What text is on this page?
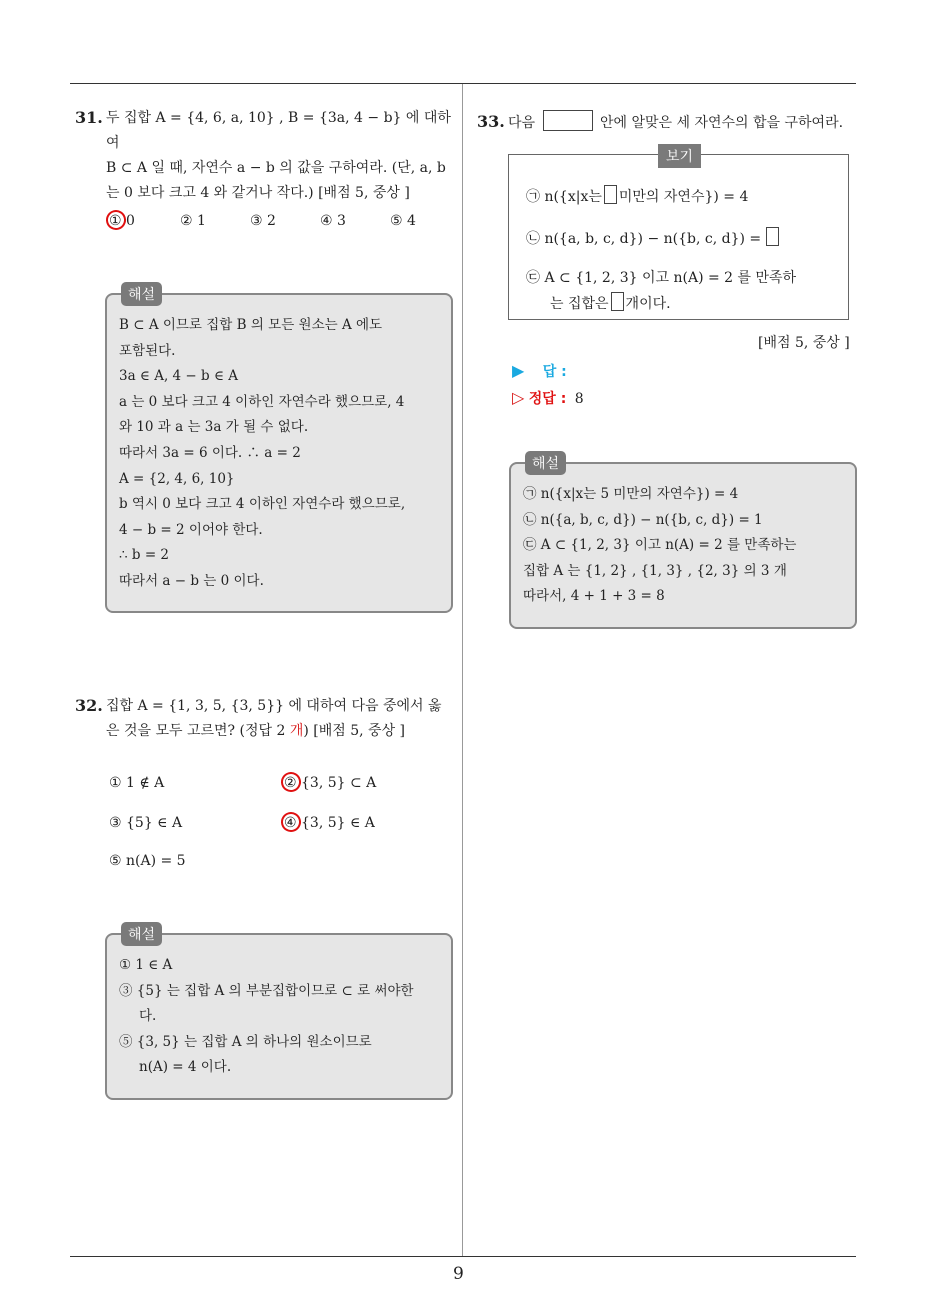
9
31. 두 집합 A = {4, 6, a, 10} , B = {3a, 4 − b} 에 대하여
B ⊂ A 일 때, 자연수 a − b 의 값을 구하여라. (단, a, b
는 0 보다 크고 4 와 같거나 작다.) [배점 5, 중상 ]
① 0	② 1	③ 2	④ 3	⑤ 4
해설
B ⊂ A 이므로 집합 B 의 모든 원소는 A 에도
포함된다.
3a ∈ A, 4 − b ∈ A
a 는 0 보다 크고 4 이하인 자연수라 했으므로, 4
와 10 과 a 는 3a 가 될 수 없다.
따라서 3a = 6 이다. ∴ a = 2
A = {2, 4, 6, 10}
b 역시 0 보다 크고 4 이하인 자연수라 했으므로,
4 − b = 2 이어야 한다.
∴ b = 2
따라서 a − b 는 0 이다.
32. 집합 A = {1, 3, 5, {3, 5}} 에 대하여 다음 중에서 옳
은 것을 모두 고르면? (정답 2 개) [배점 5, 중상 ]
① 1 ∉ A	② {3, 5} ⊂ A
③ {5} ∈ A	④ {3, 5} ∈ A
⑤ n(A) = 5
해설
① 1 ∈ A
③ {5} 는 집합 A 의 부분집합이므로 ⊂ 로 써야한
다.
⑤ {3, 5} 는 집합 A 의 하나의 원소이므로
n(A) = 4 이다.
33. 다음	안에 알맞은 세 자연수의 합을 구하여라.
보기
㉠ n({x|x는 미만의 자연수}) = 4
㉡ n({a, b, c, d}) − n({b, c, d}) =
㉢ A ⊂ {1, 2, 3} 이고 n(A) = 2 를 만족하
는 집합은 개이다.
[배점 5, 중상 ]
▶ 답 :
▷ 정답 : 8
해설
㉠ n({x|x는 5 미만의 자연수}) = 4
㉡ n({a, b, c, d}) − n({b, c, d}) = 1
㉢ A ⊂ {1, 2, 3} 이고 n(A) = 2 를 만족하는
집합 A 는 {1, 2} , {1, 3} , {2, 3} 의 3 개
따라서, 4 + 1 + 3 = 8
